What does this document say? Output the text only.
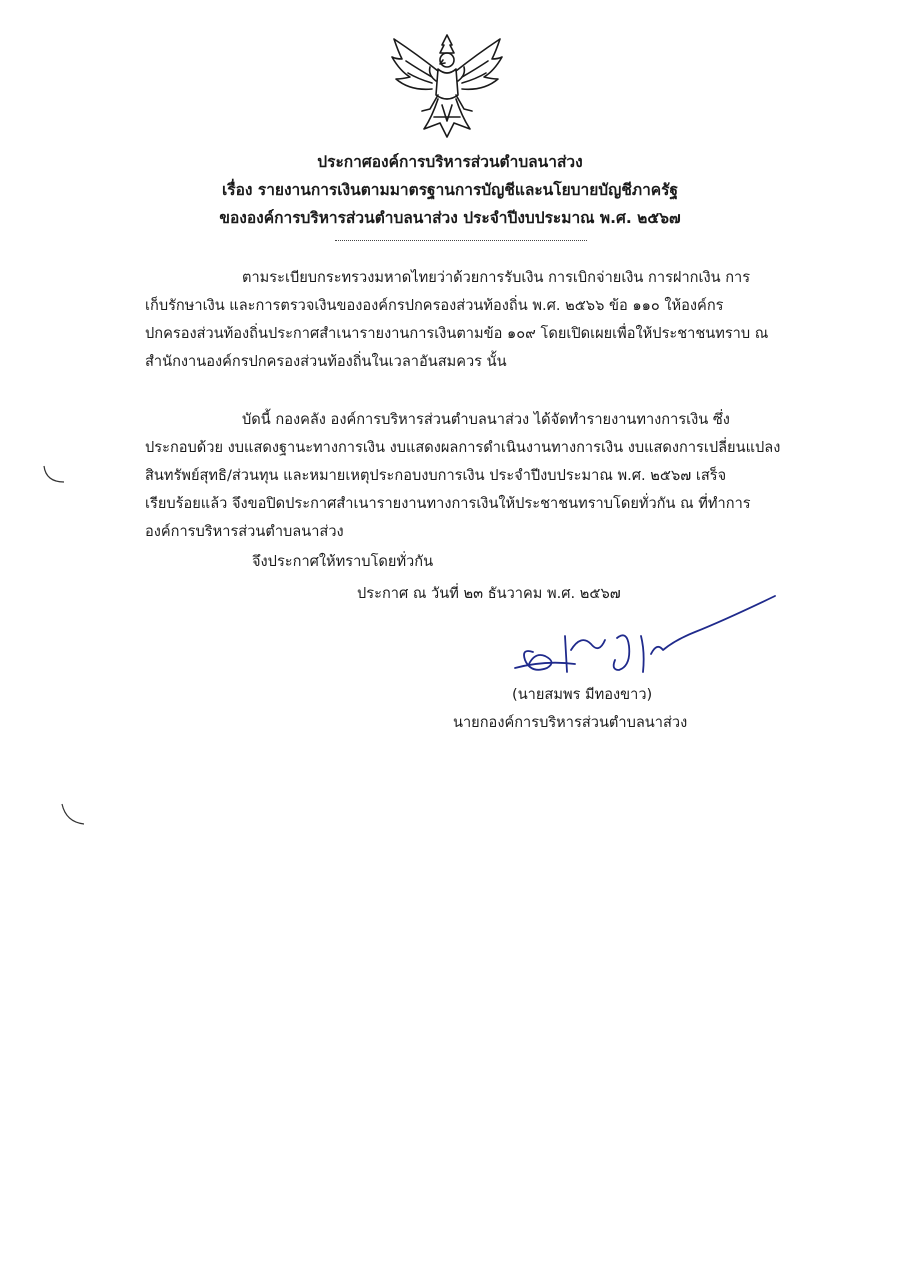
ประกาศองค์การบริหารส่วนตำบลนาส่วง
เรื่อง รายงานการเงินตามมาตรฐานการบัญชีและนโยบายบัญชีภาครัฐ
ขององค์การบริหารส่วนตำบลนาส่วง ประจำปีงบประมาณ พ.ศ. ๒๕๖๗
ตามระเบียบกระทรวงมหาดไทยว่าด้วยการรับเงิน การเบิกจ่ายเงิน การฝากเงิน การ
เก็บรักษาเงิน และการตรวจเงินขององค์กรปกครองส่วนท้องถิ่น พ.ศ. ๒๕๖๖ ข้อ ๑๑๐ ให้องค์กร
ปกครองส่วนท้องถิ่นประกาศสำเนารายงานการเงินตามข้อ ๑๐๙ โดยเปิดเผยเพื่อให้ประชาชนทราบ ณ
สำนักงานองค์กรปกครองส่วนท้องถิ่นในเวลาอันสมควร นั้น
บัดนี้ กองคลัง องค์การบริหารส่วนตำบลนาส่วง ได้จัดทำรายงานทางการเงิน ซึ่ง
ประกอบด้วย งบแสดงฐานะทางการเงิน งบแสดงผลการดำเนินงานทางการเงิน งบแสดงการเปลี่ยนแปลง
สินทรัพย์สุทธิ/ส่วนทุน และหมายเหตุประกอบงบการเงิน ประจำปีงบประมาณ พ.ศ. ๒๕๖๗ เสร็จ
เรียบร้อยแล้ว จึงขอปิดประกาศสำเนารายงานทางการเงินให้ประชาชนทราบโดยทั่วกัน ณ ที่ทำการ
องค์การบริหารส่วนตำบลนาส่วง
จึงประกาศให้ทราบโดยทั่วกัน
ประกาศ ณ วันที่ ๒๓ ธันวาคม พ.ศ. ๒๕๖๗
(นายสมพร มีทองขาว)
นายกองค์การบริหารส่วนตำบลนาส่วง
